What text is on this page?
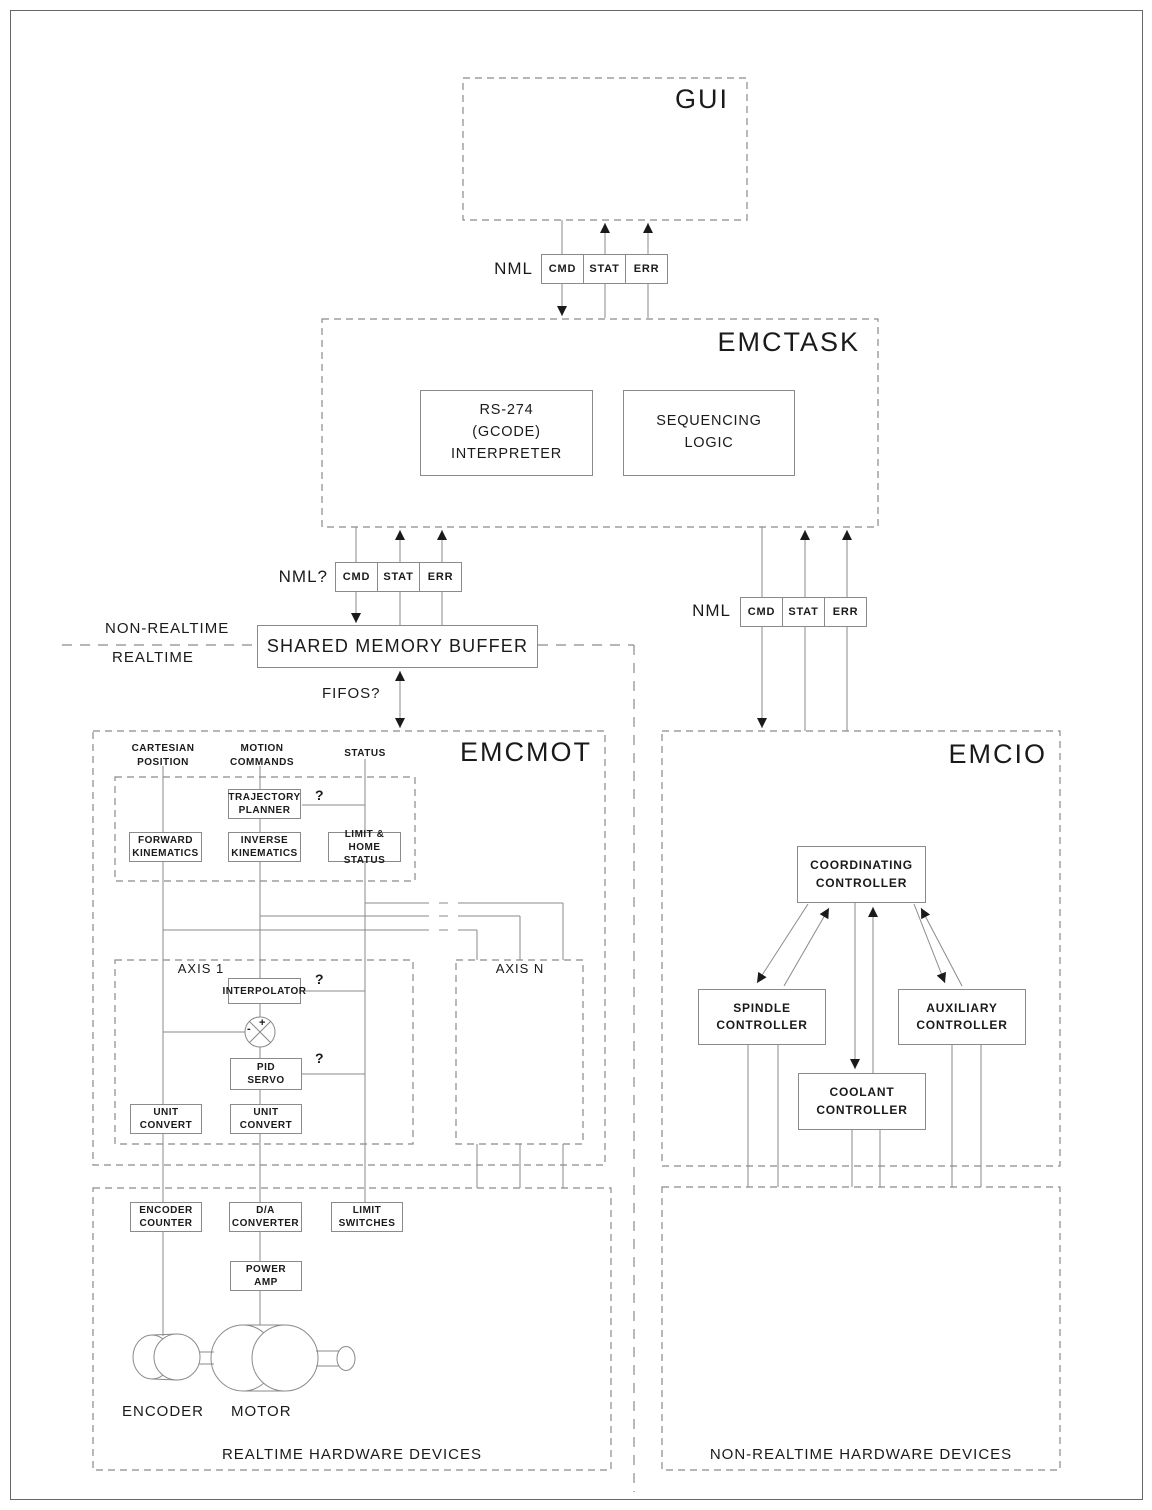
GUI
EMCTASK
EMCMOT	EMCIO
NML	CMD	STAT	ERR
NML?	CMD	STAT	ERR
NML	CMD	STAT	ERR
RS-274
(GCODE)
INTERPRETER
SEQUENCING
LOGIC
NON-REALTIME
REALTIME
SHARED MEMORY BUFFER
FIFOS?
CARTESIAN
POSITION
MOTION
COMMANDS
STATUS
TRAJECTORY
PLANNER
?
FORWARD
KINEMATICS
INVERSE
KINEMATICS
LIMIT & HOME
STATUS
AXIS 1	AXIS N
INTERPOLATOR
?
+
-
PID
SERVO
?
UNIT
CONVERT
UNIT
CONVERT
ENCODER
COUNTER
D/A
CONVERTER
LIMIT
SWITCHES
POWER
AMP
ENCODER MOTOR
REALTIME HARDWARE DEVICES
COORDINATING
CONTROLLER
SPINDLE
CONTROLLER
AUXILIARY
CONTROLLER
COOLANT
CONTROLLER
NON-REALTIME HARDWARE DEVICES
